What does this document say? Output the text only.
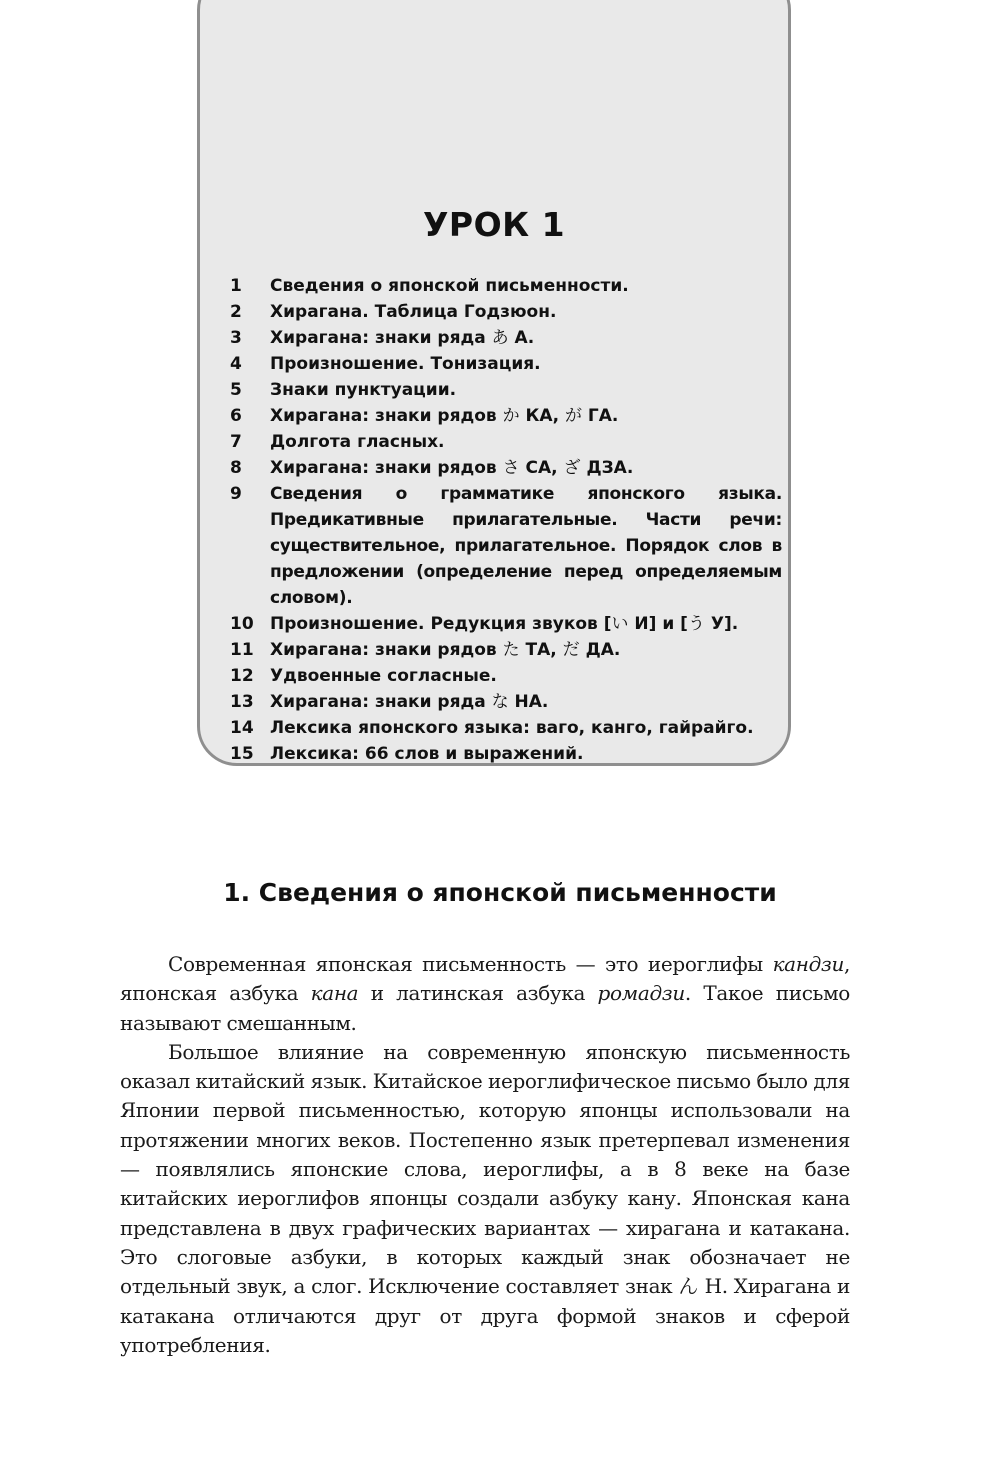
УРОК 1
1	Сведения о японской письменности.
2	Хирагана. Таблица Годзюон.
3	Хирагана: знаки ряда あ А.
4	Произношение. Тонизация.
5	Знаки пунктуации.
6	Хирагана: знаки рядов か КА, が ГА.
7	Долгота гласных.
8	Хирагана: знаки рядов さ СА, ざ ДЗА.
9	Сведения о грамматике японского языка. Предикативные прилагательные. Части речи: существительное, прилагательное. Порядок слов в предложении (определение перед определяемым словом).
10 Произношение. Редукция звуков [い И] и [う У].
11 Хирагана: знаки рядов た ТА, だ ДА.
12 Удвоенные согласные.
13 Хирагана: знаки ряда な НА.
14 Лексика японского языка: ваго, канго, гайрайго.
15 Лексика: 66 слов и выражений.
1. Сведения о японской письменности

Современная японская письменность — это иероглифы кандзи, японская азбука кана и латинская азбука ромадзи. Такое письмо называют смешанным.

Большое влияние на современную японскую письменность оказал китайский язык. Китайское иероглифическое письмо было для Японии первой письменностью, которую японцы использовали на протяжении многих веков. Постепенно язык претерпевал изменения — появлялись японские слова, иероглифы, а в 8 веке на базе китайских иероглифов японцы создали азбуку кану. Японская кана представлена в двух графических вариантах — хирагана и катакана. Это слоговые азбуки, в которых каждый знак обозначает не отдельный звук, а слог. Исключение составляет знак ん Н. Хирагана и катакана отличаются друг от друга формой знаков и сферой употребления.
